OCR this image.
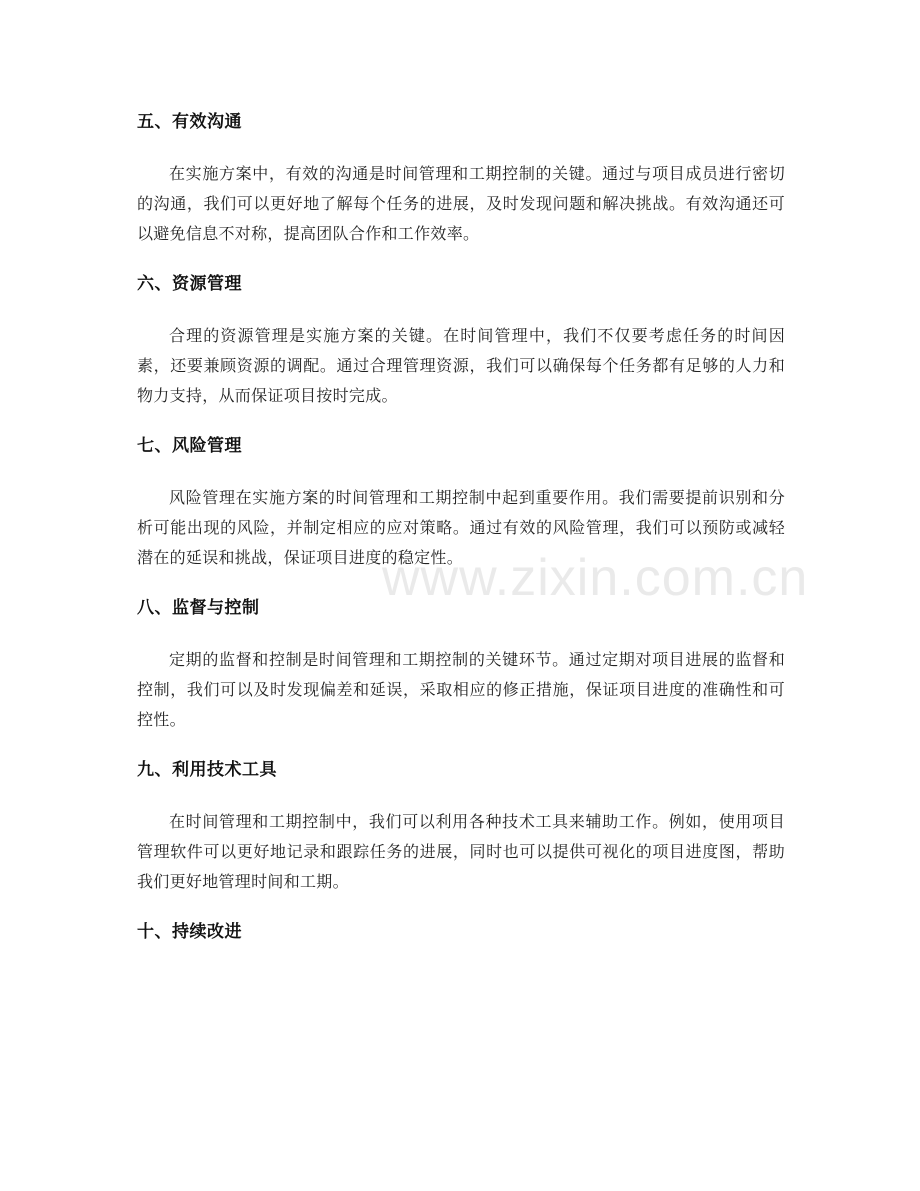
www.zixin.com.cn
五、有效沟通

在实施方案中，有效的沟通是时间管理和工期控制的关键。通过与项目成员进行密切的沟通，我们可以更好地了解每个任务的进展，及时发现问题和解决挑战。有效沟通还可以避免信息不对称，提高团队合作和工作效率。

六、资源管理

合理的资源管理是实施方案的关键。在时间管理中，我们不仅要考虑任务的时间因素，还要兼顾资源的调配。通过合理管理资源，我们可以确保每个任务都有足够的人力和物力支持，从而保证项目按时完成。

七、风险管理

风险管理在实施方案的时间管理和工期控制中起到重要作用。我们需要提前识别和分析可能出现的风险，并制定相应的应对策略。通过有效的风险管理，我们可以预防或减轻潜在的延误和挑战，保证项目进度的稳定性。

八、监督与控制

定期的监督和控制是时间管理和工期控制的关键环节。通过定期对项目进展的监督和控制，我们可以及时发现偏差和延误，采取相应的修正措施，保证项目进度的准确性和可控性。

九、利用技术工具

在时间管理和工期控制中，我们可以利用各种技术工具来辅助工作。例如，使用项目管理软件可以更好地记录和跟踪任务的进展，同时也可以提供可视化的项目进度图，帮助我们更好地管理时间和工期。

十、持续改进
